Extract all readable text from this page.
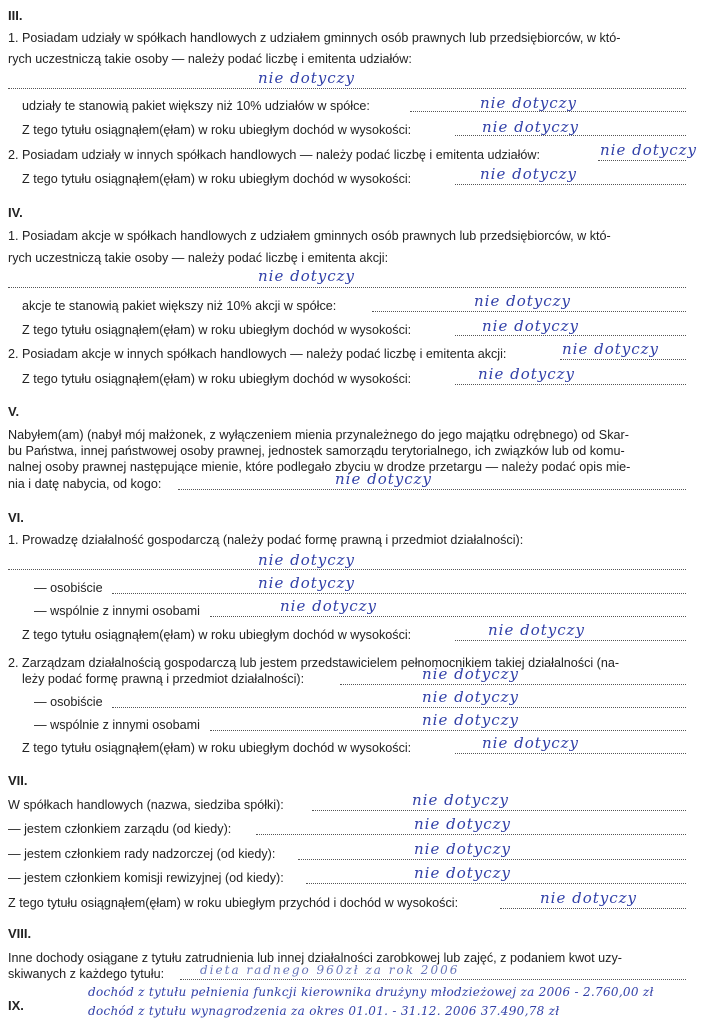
III.
1. Posiadam udziały w spółkach handlowych z udziałem gminnych osób prawnych lub przedsiębiorców, w któ-
rych uczestniczą takie osoby — należy podać liczbę i emitenta udziałów:
nie dotyczy
udziały te stanowią pakiet większy niż 10% udziałów w spółce:	nie dotyczy
Z tego tytułu osiągnąłem(ęłam) w roku ubiegłym dochód w wysokości:	nie dotyczy
2. Posiadam udziały w innych spółkach handlowych — należy podać liczbę i emitenta udziałów:	nie dotyczy
Z tego tytułu osiągnąłem(ęłam) w roku ubiegłym dochód w wysokości:	nie dotyczy
IV.
1. Posiadam akcje w spółkach handlowych z udziałem gminnych osób prawnych lub przedsiębiorców, w któ-
rych uczestniczą takie osoby — należy podać liczbę i emitenta akcji:
nie dotyczy
akcje te stanowią pakiet większy niż 10% akcji w spółce:	nie dotyczy
Z tego tytułu osiągnąłem(ęłam) w roku ubiegłym dochód w wysokości:	nie dotyczy
2. Posiadam akcje w innych spółkach handlowych — należy podać liczbę i emitenta akcji:	nie dotyczy
Z tego tytułu osiągnąłem(ęłam) w roku ubiegłym dochód w wysokości:	nie dotyczy
V.
Nabyłem(am) (nabył mój małżonek, z wyłączeniem mienia przynależnego do jego majątku odrębnego) od Skar-
bu Państwa, innej państwowej osoby prawnej, jednostek samorządu terytorialnego, ich związków lub od komu-
nalnej osoby prawnej następujące mienie, które podlegało zbyciu w drodze przetargu — należy podać opis mie-
nia i datę nabycia, od kogo:	nie dotyczy
VI.
1. Prowadzę działalność gospodarczą (należy podać formę prawną i przedmiot działalności):
nie dotyczy
— osobiście	nie dotyczy
— wspólnie z innymi osobami	nie dotyczy
Z tego tytułu osiągnąłem(ęłam) w roku ubiegłym dochód w wysokości:	nie dotyczy
2. Zarządzam działalnością gospodarczą lub jestem przedstawicielem pełnomocnikiem takiej działalności (na-
leży podać formę prawną i przedmiot działalności):	nie dotyczy
— osobiście	nie dotyczy
— wspólnie z innymi osobami	nie dotyczy
Z tego tytułu osiągnąłem(ęłam) w roku ubiegłym dochód w wysokości:	nie dotyczy
VII.
W spółkach handlowych (nazwa, siedziba spółki):	nie dotyczy
— jestem członkiem zarządu (od kiedy):	nie dotyczy
— jestem członkiem rady nadzorczej (od kiedy):	nie dotyczy
— jestem członkiem komisji rewizyjnej (od kiedy):	nie dotyczy
Z tego tytułu osiągnąłem(ęłam) w roku ubiegłym przychód i dochód w wysokości:	nie dotyczy
VIII.
Inne dochody osiągane z tytułu zatrudnienia lub innej działalności zarobkowej lub zajęć, z podaniem kwot uzy-
skiwanych z każdego tytułu:	dieta radnego 960zł za rok 2006
dochód z tytułu pełnienia funkcji kierownika drużyny młodzieżowej za 2006 - 2.760,00 zł
dochód z tytułu wynagrodzenia za okres 01.01. - 31.12. 2006 37.490,78 zł
IX.
